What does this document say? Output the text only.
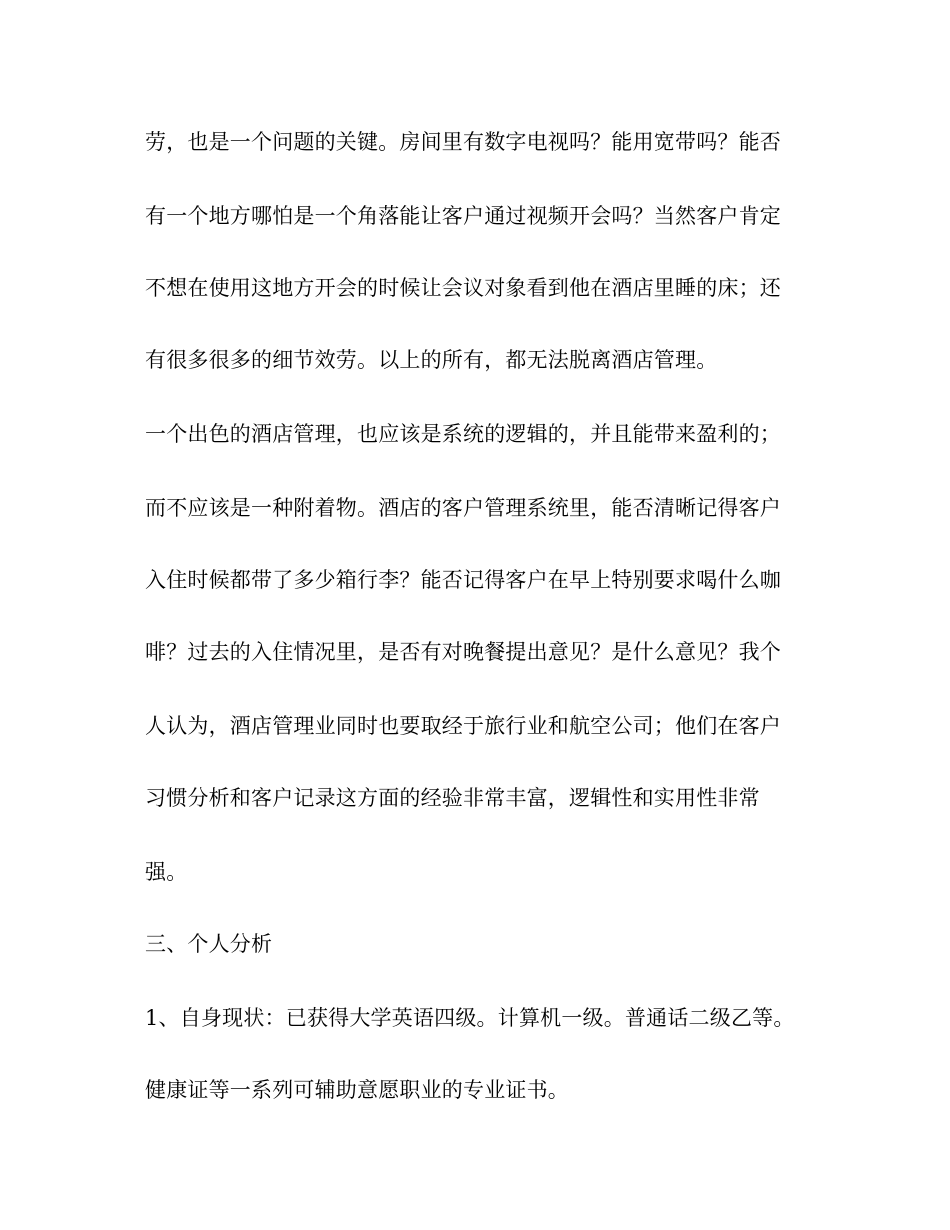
劳，也是一个问题的关键。房间里有数字电视吗？能用宽带吗？能否
有一个地方哪怕是一个角落能让客户通过视频开会吗？当然客户肯定
不想在使用这地方开会的时候让会议对象看到他在酒店里睡的床；还
有很多很多的细节效劳。以上的所有，都无法脱离酒店管理。
一个出色的酒店管理，也应该是系统的逻辑的，并且能带来盈利的；
而不应该是一种附着物。酒店的客户管理系统里，能否清晰记得客户
入住时候都带了多少箱行李？能否记得客户在早上特别要求喝什么咖
啡？过去的入住情况里，是否有对晚餐提出意见？是什么意见？我个
人认为，酒店管理业同时也要取经于旅行业和航空公司；他们在客户
习惯分析和客户记录这方面的经验非常丰富，逻辑性和实用性非常
强。
三、个人分析
1、自身现状：已获得大学英语四级。计算机一级。普通话二级乙等。
健康证等一系列可辅助意愿职业的专业证书。
